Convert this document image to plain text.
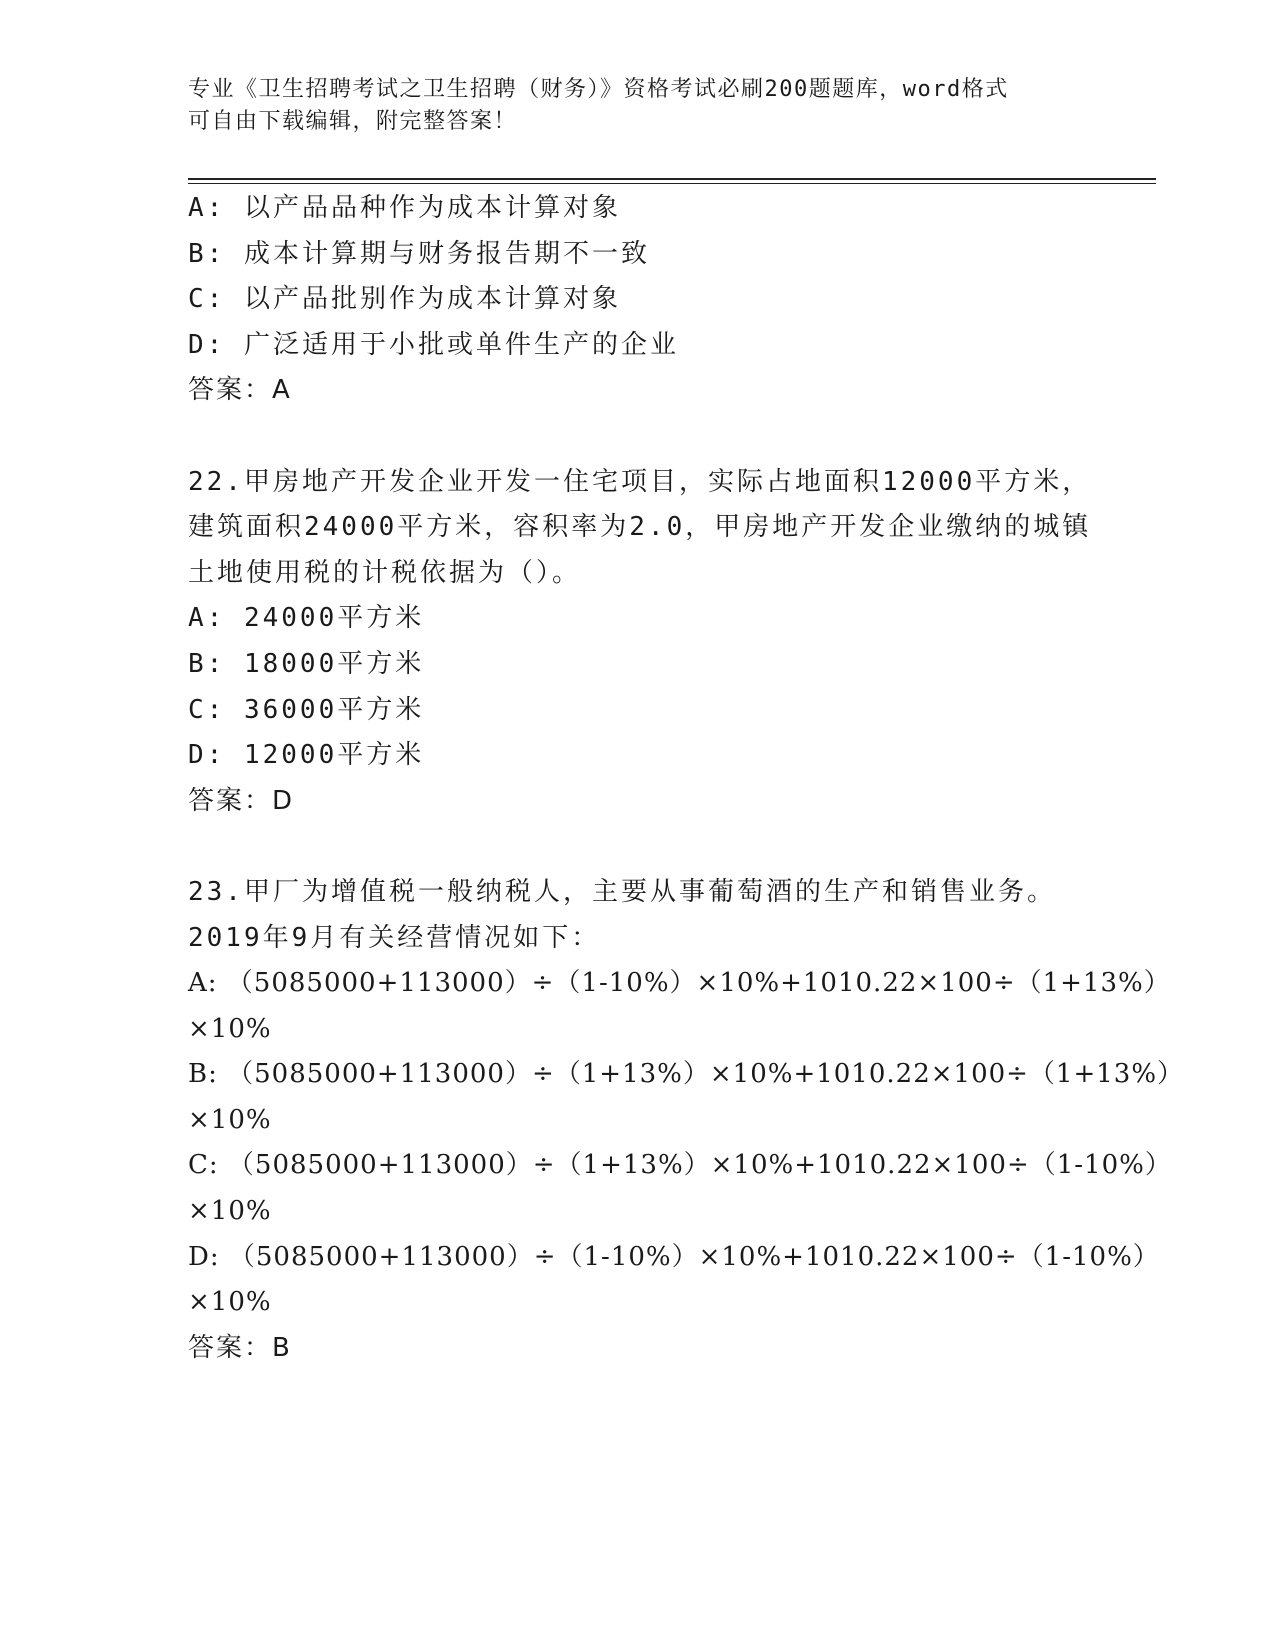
专业《卫生招聘考试之卫生招聘（财务）》资格考试必刷200题题库，word格式
可自由下载编辑，附完整答案！
A: 以产品品种作为成本计算对象
B: 成本计算期与财务报告期不一致
C: 以产品批别作为成本计算对象
D: 广泛适用于小批或单件生产的企业
答案：A
22.甲房地产开发企业开发一住宅项目，实际占地面积12000平方米，
建筑面积24000平方米，容积率为2.0，甲房地产开发企业缴纳的城镇
土地使用税的计税依据为（）。
A: 24000平方米
B: 18000平方米
C: 36000平方米
D: 12000平方米
答案：D
23.甲厂为增值税一般纳税人，主要从事葡萄酒的生产和销售业务。
2019年9月有关经营情况如下：
A: （5085000+113000）÷（1-10%）×10%+1010.22×100÷（1+13%）
×10%
B: （5085000+113000）÷（1+13%）×10%+1010.22×100÷（1+13%）
×10%
C: （5085000+113000）÷（1+13%）×10%+1010.22×100÷（1-10%）
×10%
D: （5085000+113000）÷（1-10%）×10%+1010.22×100÷（1-10%）
×10%
答案：B
